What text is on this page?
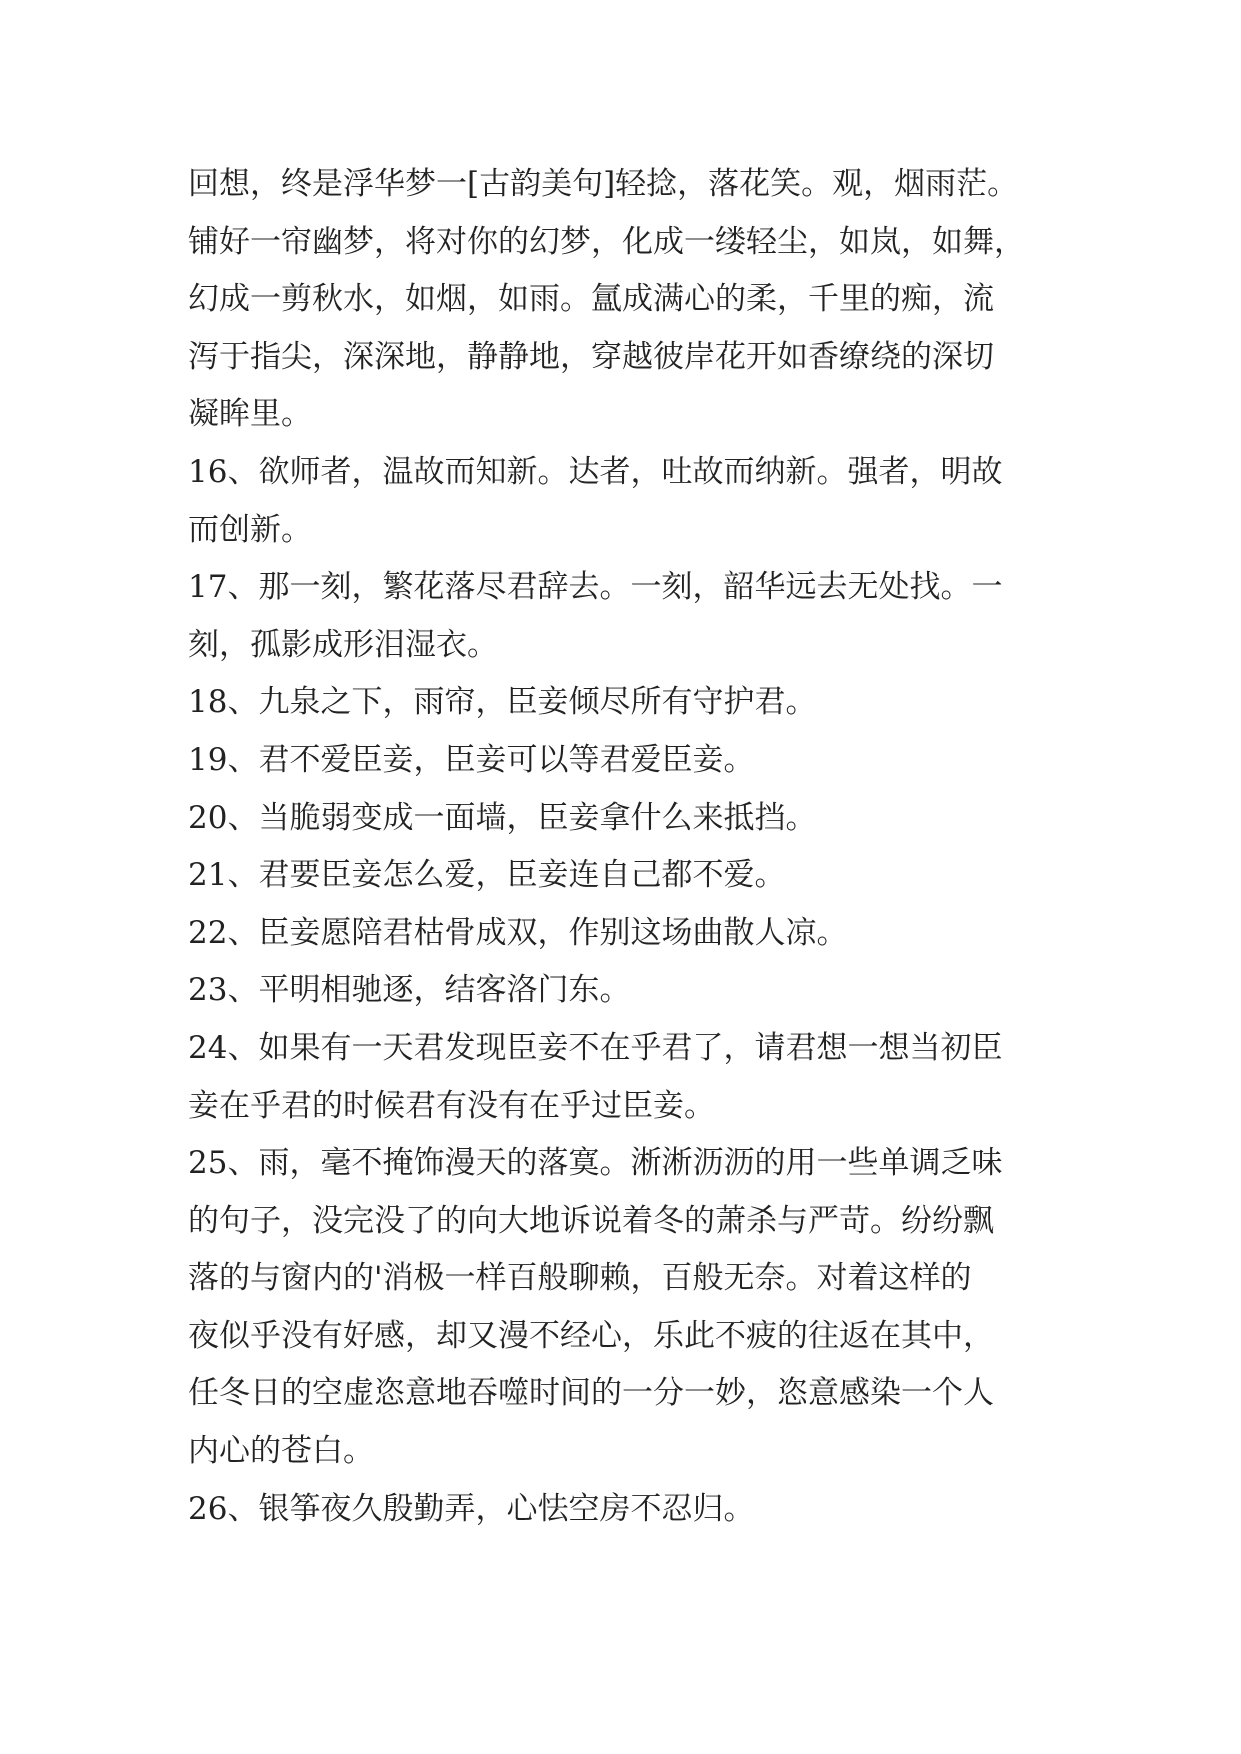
回想，终是浮华梦一[古韵美句]轻捻，落花笑。观，烟雨茫。
铺好一帘幽梦，将对你的幻梦，化成一缕轻尘，如岚，如舞，
幻成一剪秋水，如烟，如雨。氲成满心的柔，千里的痴，流
泻于指尖，深深地，静静地，穿越彼岸花开如香缭绕的深切
凝眸里。

16、欲师者，温故而知新。达者，吐故而纳新。强者，明故
而创新。

17、那一刻，繁花落尽君辞去。一刻，韶华远去无处找。一
刻，孤影成形泪湿衣。

18、九泉之下，雨帘，臣妾倾尽所有守护君。

19、君不爱臣妾，臣妾可以等君爱臣妾。

20、当脆弱变成一面墙，臣妾拿什么来抵挡。

21、君要臣妾怎么爱，臣妾连自己都不爱。

22、臣妾愿陪君枯骨成双，作别这场曲散人凉。

23、平明相驰逐，结客洛门东。

24、如果有一天君发现臣妾不在乎君了，请君想一想当初臣
妾在乎君的时候君有没有在乎过臣妾。

25、雨，毫不掩饰漫天的落寞。淅淅沥沥的用一些单调乏味
的句子，没完没了的向大地诉说着冬的萧杀与严苛。纷纷飘
落的与窗内的'消极一样百般聊赖，百般无奈。对着这样的
夜似乎没有好感，却又漫不经心，乐此不疲的往返在其中，
任冬日的空虚恣意地吞噬时间的一分一妙，恣意感染一个人
内心的苍白。

26、银筝夜久殷勤弄，心怯空房不忍归。
